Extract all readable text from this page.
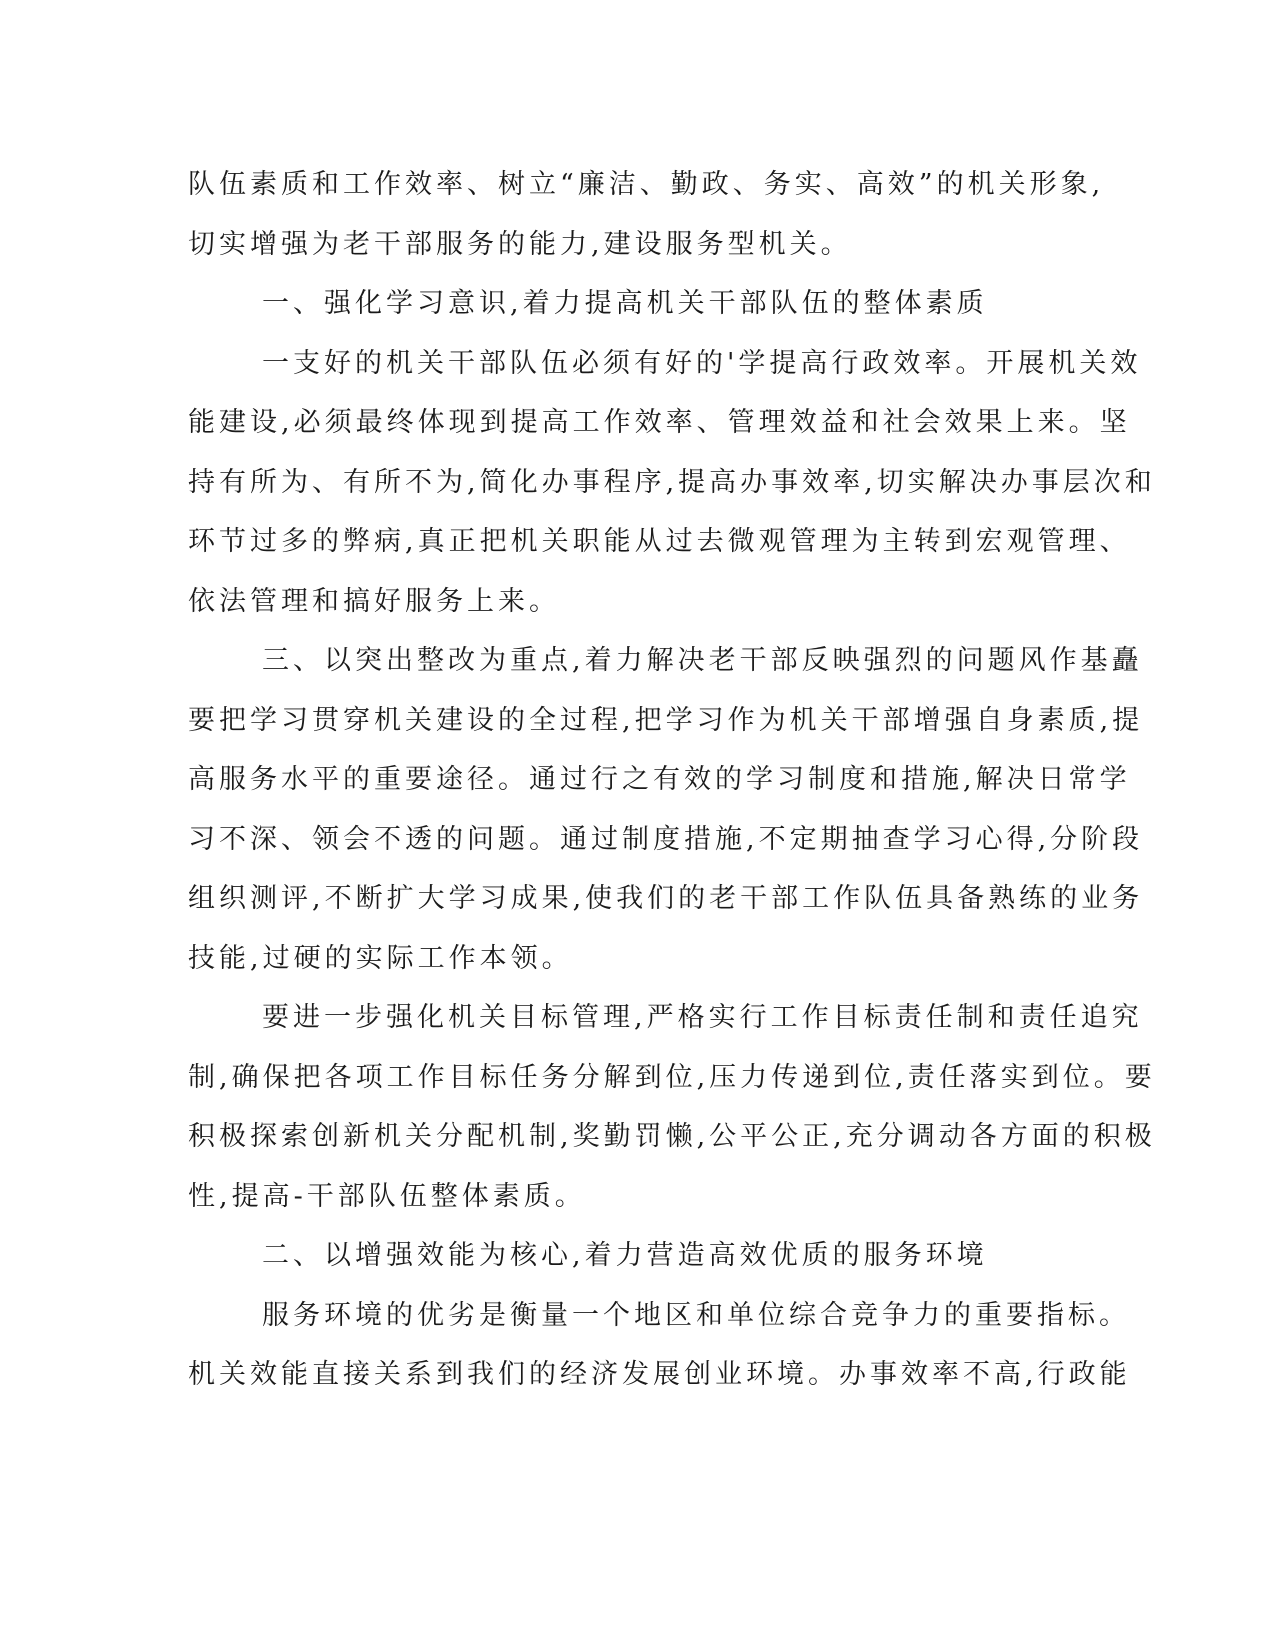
队伍素质和工作效率、树立“廉洁、勤政、务实、高效”的机关形象,
切实增强为老干部服务的能力,建设服务型机关。
一、强化学习意识,着力提高机关干部队伍的整体素质
一支好的机关干部队伍必须有好的'学提高行政效率。开展机关效
能建设,必须最终体现到提高工作效率、管理效益和社会效果上来。坚
持有所为、有所不为,简化办事程序,提高办事效率,切实解决办事层次和
环节过多的弊病,真正把机关职能从过去微观管理为主转到宏观管理、
依法管理和搞好服务上来。
三、以突出整改为重点,着力解决老干部反映强烈的问题风作基矗
要把学习贯穿机关建设的全过程,把学习作为机关干部增强自身素质,提
高服务水平的重要途径。通过行之有效的学习制度和措施,解决日常学
习不深、领会不透的问题。通过制度措施,不定期抽查学习心得,分阶段
组织测评,不断扩大学习成果,使我们的老干部工作队伍具备熟练的业务
技能,过硬的实际工作本领。
要进一步强化机关目标管理,严格实行工作目标责任制和责任追究
制,确保把各项工作目标任务分解到位,压力传递到位,责任落实到位。要
积极探索创新机关分配机制,奖勤罚懒,公平公正,充分调动各方面的积极
性,提高-干部队伍整体素质。
二、以增强效能为核心,着力营造高效优质的服务环境
服务环境的优劣是衡量一个地区和单位综合竞争力的重要指标。
机关效能直接关系到我们的经济发展创业环境。办事效率不高,行政能
